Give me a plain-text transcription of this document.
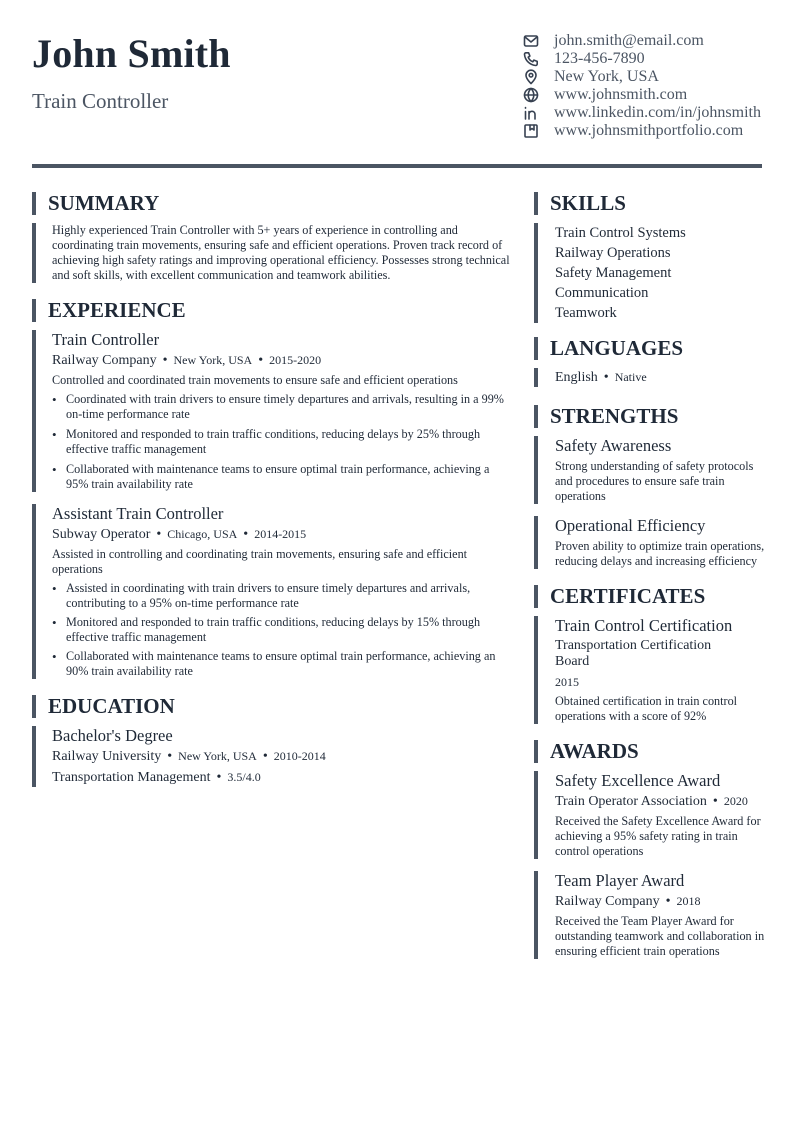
John Smith
Train Controller
john.smith@email.com
123-456-7890
New York, USA
www.johnsmith.com
www.linkedin.com/in/johnsmith
www.johnsmithportfolio.com
SUMMARY
Highly experienced Train Controller with 5+ years of experience in controlling and coordinating train movements, ensuring safe and efficient operations. Proven track record of achieving high safety ratings and improving operational efficiency. Possesses strong technical and soft skills, with excellent communication and teamwork abilities.
EXPERIENCE
Train Controller
Railway Company • New York, USA • 2015-2020
Controlled and coordinated train movements to ensure safe and efficient operations
• Coordinated with train drivers to ensure timely departures and arrivals, resulting in a 99% on-time performance rate
• Monitored and responded to train traffic conditions, reducing delays by 25% through effective traffic management
• Collaborated with maintenance teams to ensure optimal train performance, achieving a 95% train availability rate
Assistant Train Controller
Subway Operator • Chicago, USA • 2014-2015
Assisted in controlling and coordinating train movements, ensuring safe and efficient operations
• Assisted in coordinating with train drivers to ensure timely departures and arrivals, contributing to a 95% on-time performance rate
• Monitored and responded to train traffic conditions, reducing delays by 15% through effective traffic management
• Collaborated with maintenance teams to ensure optimal train performance, achieving an 90% train availability rate
EDUCATION
Bachelor's Degree
Railway University • New York, USA • 2010-2014
Transportation Management • 3.5/4.0
SKILLS
Train Control Systems
Railway Operations
Safety Management
Communication
Teamwork
LANGUAGES
English • Native
STRENGTHS
Safety Awareness
Strong understanding of safety protocols and procedures to ensure safe train operations
Operational Efficiency
Proven ability to optimize train operations, reducing delays and increasing efficiency
CERTIFICATES
Train Control Certification
Transportation Certification Board
2015
Obtained certification in train control operations with a score of 92%
AWARDS
Safety Excellence Award
Train Operator Association • 2020
Received the Safety Excellence Award for achieving a 95% safety rating in train control operations
Team Player Award
Railway Company • 2018
Received the Team Player Award for outstanding teamwork and collaboration in ensuring efficient train operations
